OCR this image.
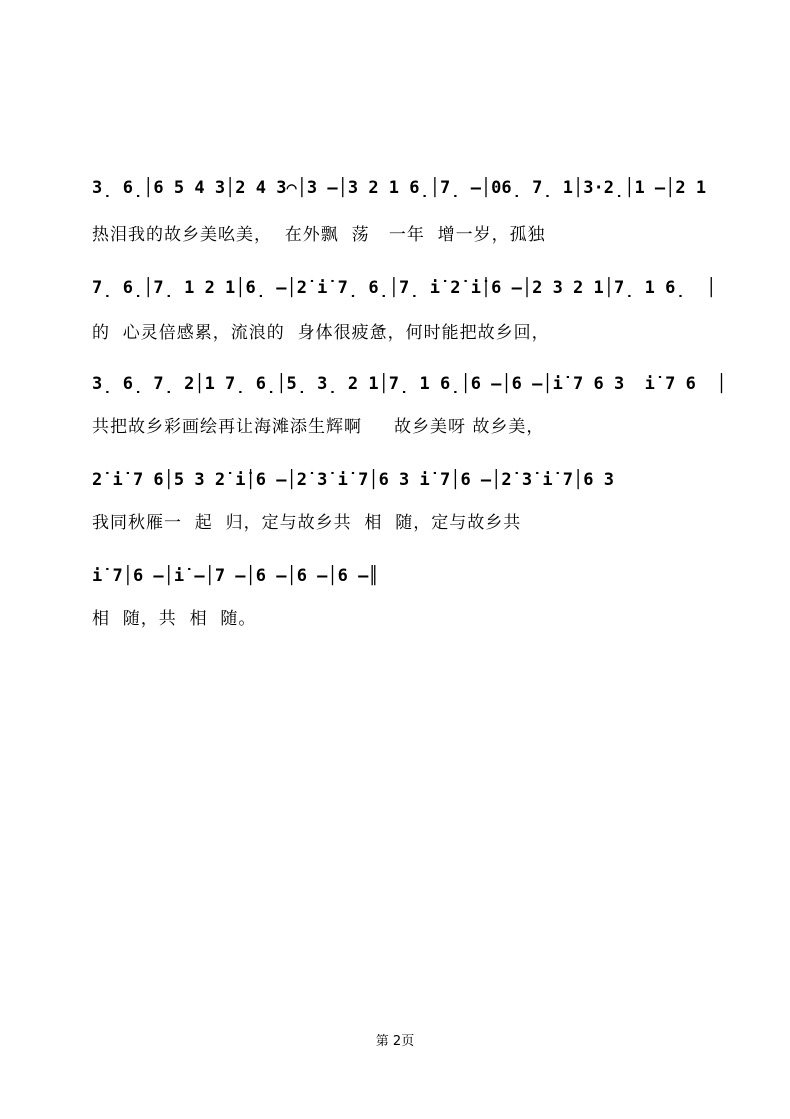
3̣ 6̣│6 5 4 3│2 4 3⌒│3 –│3 2 1 6̣│7̣ –│06̣ 7̣ 1│3·2̣│1 –│2 1
热泪我的故乡美吆美，  在外飘  荡   一年  增一岁，孤独
7̣ 6̣│7̣ 1 2 1│6̣ –│2̇ i̇ 7̣ 6̣│7̣ i̇ 2̇ i̇│6 –│2 3 2 1│7̣ 1 6̣  │
的  心灵倍感累，流浪的  身体很疲惫，何时能把故乡回，
3̣ 6̣ 7̣ 2│1 7̣ 6̣│5̣ 3̣ 2 1│7̣ 1 6̣│6 –│6 –│i̇ 7 6 3  i̇ 7 6  │
共把故乡彩画绘再让海滩添生辉啊     故乡美呀 故乡美，
2̇ i̇ 7 6│5 3 2̇ i̇│6 –│2̇ 3̇ i̇ 7│6 3 i̇ 7│6 –│2̇ 3̇ i̇ 7│6 3
我同秋雁一  起  归，定与故乡共  相  随，定与故乡共
i̇ 7│6 –│i̇ –│7 –│6 –│6 –│6 –║
相  随，共  相  随。
第 2页
